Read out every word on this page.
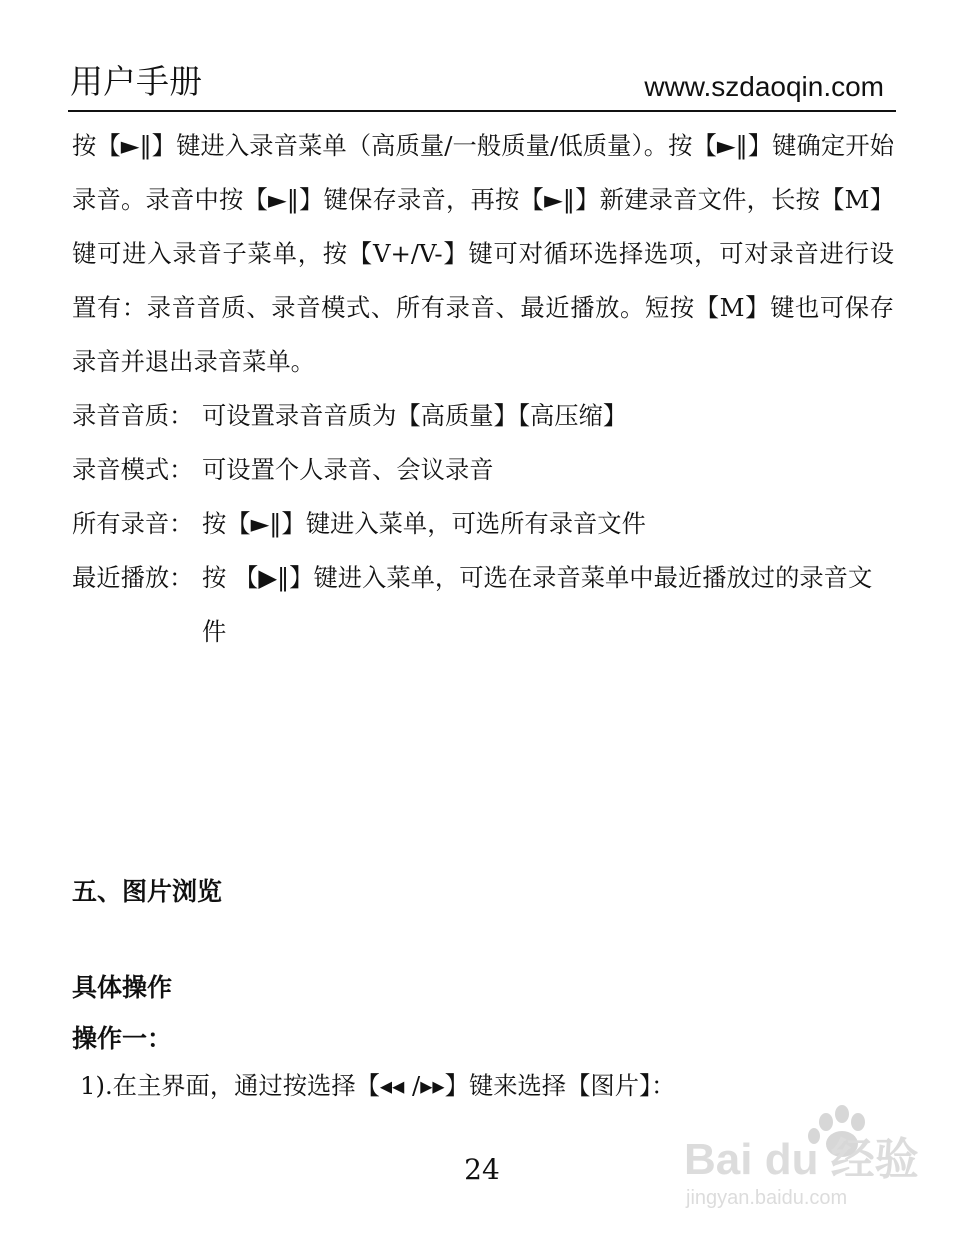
用户手册	www.szdaoqin.com
按【►‖】键进入录音菜单（高质量/一般质量/低质量）。按【►‖】键确定开始录音。录音中按【►‖】键保存录音，再按【►‖】新建录音文件，长按【M】键可进入录音子菜单，按【V+/V-】键可对循环选择选项，可对录音进行设置有：录音音质、录音模式、所有录音、最近播放。短按【M】键也可保存录音并退出录音菜单。
录音音质： 可设置录音音质为【高质量】【高压缩】
录音模式： 可设置个人录音、会议录音
所有录音： 按【►‖】键进入菜单，可选所有录音文件
最近播放： 按 【▶‖】键进入菜单，可选在录音菜单中最近播放过的录音文件
五、图片浏览
具体操作
操作一：
1).在主界面，通过按选择【◂◂ /▸▸】键来选择【图片】：
24	Bai du 经验
jingyan.baidu.com
